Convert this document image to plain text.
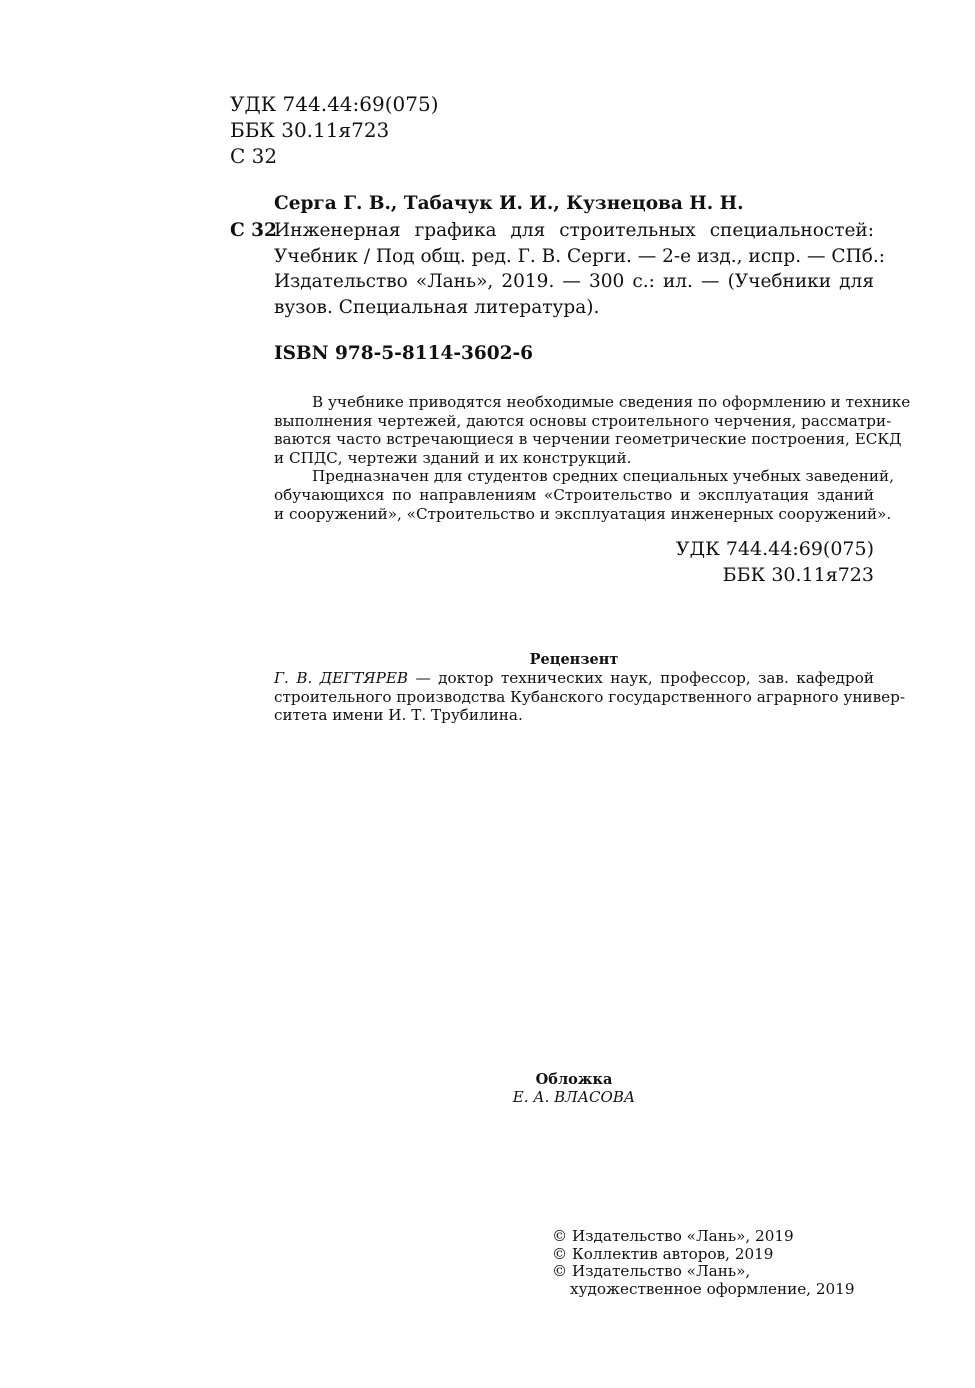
УДК 744.44:69(075)
ББК 30.11я723
С 32
Серга Г. В., Табачук И. И., Кузнецова Н. Н.
С 32
Инженерная графика для строительных специальностей:
Учебник / Под общ. ред. Г. В. Серги. — 2-е изд., испр. — СПб.:
Издательство «Лань», 2019. — 300 с.: ил. — (Учебники для
вузов. Специальная литература).
ISBN 978-5-8114-3602-6
В учебнике приводятся необходимые сведения по оформлению и технике
выполнения чертежей, даются основы строительного черчения, рассматри-
ваются часто встречающиеся в черчении геометрические построения, ЕСКД
и СПДС, чертежи зданий и их конструкций.
Предназначен для студентов средних специальных учебных заведений,
обучающихся по направлениям «Строительство и эксплуатация зданий
и сооружений», «Строительство и эксплуатация инженерных сооружений».
УДК 744.44:69(075)
ББК 30.11я723
Рецензент
Г. В. ДЕГТЯРЕВ — доктор технических наук, профессор, зав. кафедрой
строительного производства Кубанского государственного аграрного универ-
ситета имени И. Т. Трубилина.
Обложка
Е. А. ВЛАСОВА
© Издательство «Лань», 2019
© Коллектив авторов, 2019
© Издательство «Лань»,
художественное оформление, 2019
